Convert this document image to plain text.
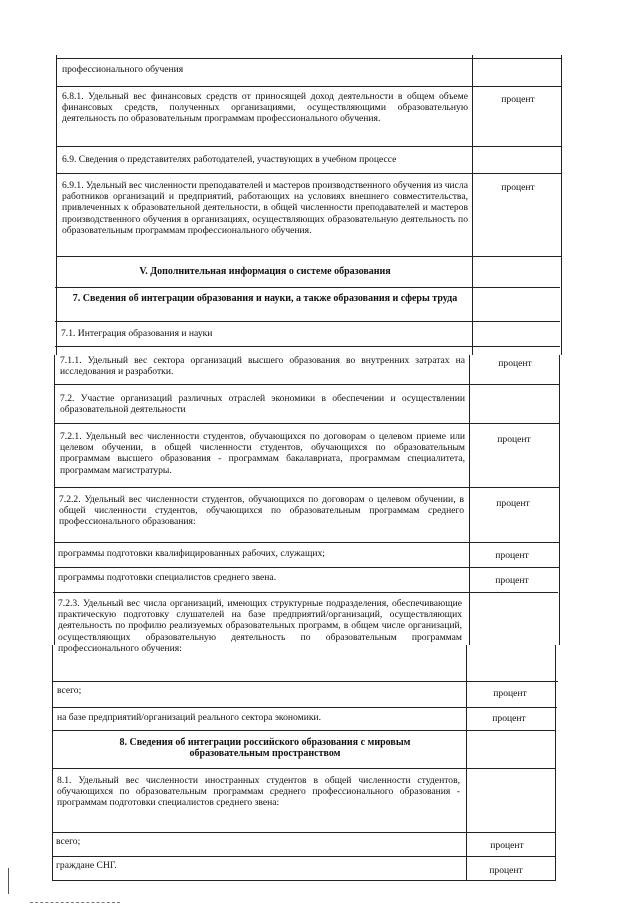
профессионального обучения
6.8.1. Удельный вес финансовых средств от приносящей доход деятельности в общем объеме финансовых средств, полученных организациями, осуществляющими образовательную деятельность по образовательным программам профессионального обучения.
процент
6.9. Сведения о представителях работодателей, участвующих в учебном процессе
6.9.1. Удельный вес численности преподавателей и мастеров производственного обучения из числа работников организаций и предприятий, работающих на условиях внешнего совместительства, привлеченных к образовательной деятельности, в общей численности преподавателей и мастеров производственного обучения в организациях, осуществляющих образовательную деятельность по образовательным программам профессионального обучения.
процент
V. Дополнительная информация о системе образования
7. Сведения об интеграции образования и науки, а также образования и сферы труда
7.1. Интеграция образования и науки
7.1.1. Удельный вес сектора организаций высшего образования во внутренних затратах на исследования и разработки.
процент
7.2. Участие организаций различных отраслей экономики в обеспечении и осуществлении образовательной деятельности
7.2.1. Удельный вес численности студентов, обучающихся по договорам о целевом приеме или целевом обучении, в общей численности студентов, обучающихся по образовательным программам высшего образования - программам бакалавриата, программам специалитета, программам магистратуры.
процент
7.2.2. Удельный вес численности студентов, обучающихся по договорам о целевом обучении, в общей численности студентов, обучающихся по образовательным программам среднего профессионального образования:
процент
программы подготовки квалифицированных рабочих, служащих;	процент
программы подготовки специалистов среднего звена.	процент
7.2.3. Удельный вес числа организаций, имеющих структурные подразделения, обеспечивающие практическую подготовку слушателей на базе предприятий/организаций, осуществляющих деятельность по профилю реализуемых образовательных программ, в общем числе организаций, осуществляющих образовательную деятельность по образовательным программам профессионального обучения:
всего;	процент
на базе предприятий/организаций реального сектора экономики.	процент
8. Сведения об интеграции российского образования с мировым образовательным пространством
8.1. Удельный вес численности иностранных студентов в общей численности студентов, обучающихся по образовательным программам среднего профессионального образования - программам подготовки специалистов среднего звена:
всего;	процент
граждане СНГ.	процент
